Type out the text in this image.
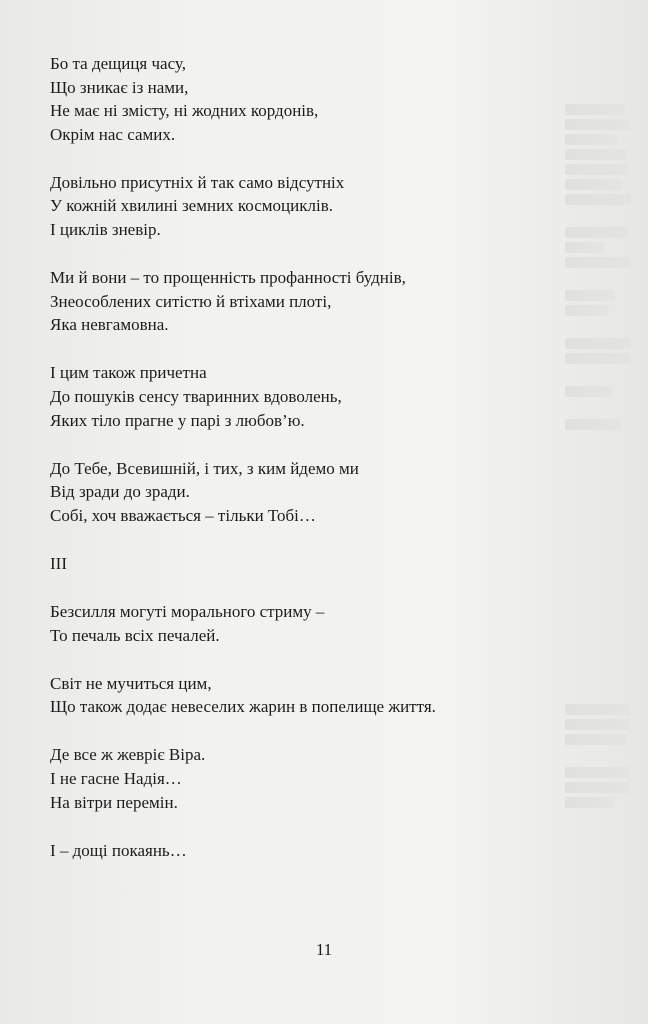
Бо та дещиця часу,
Що зникає із нами,
Не має ні змісту, ні жодних кордонів,
Окрім нас самих.
Довільно присутніх й так само відсутніх
У кожній хвилині земних космоциклів.
І циклів зневір.
Ми й вони – то прощенність профанності буднів,
Знеособлених ситістю й втіхами плоті,
Яка невгамовна.
І цим також причетна
До пошуків сенсу тваринних вдоволень,
Яких тіло прагне у парі з любов’ю.
До Тебе, Всевишній, і тих, з ким йдемо ми
Від зради до зради.
Собі, хоч вважається – тільки Тобі…
III
Безсилля могуті морального стриму –
То печаль всіх печалей.
Світ не мучиться цим,
Що також додає невеселих жарин в попелище життя.
Де все ж жевріє Віра.
І не гасне Надія…
На вітри перемін.
І – дощі покаянь…
11
